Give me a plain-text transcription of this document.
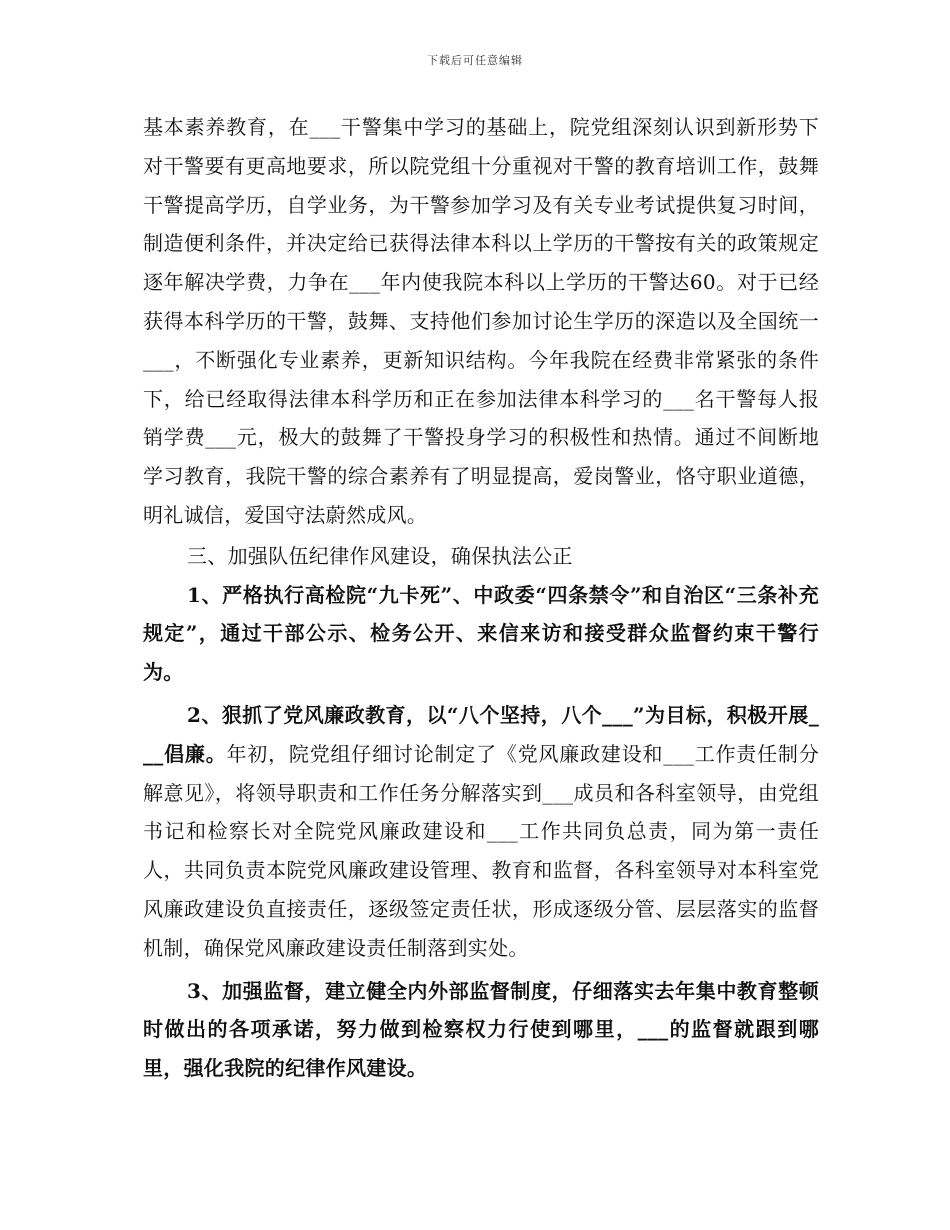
下载后可任意编辑

基本素养教育，在___干警集中学习的基础上，院党组深刻认识到新形势下对干警要有更高地要求，所以院党组十分重视对干警的教育培训工作，鼓舞干警提高学历，自学业务，为干警参加学习及有关专业考试提供复习时间，制造便利条件，并决定给已获得法律本科以上学历的干警按有关的政策规定逐年解决学费，力争在___年内使我院本科以上学历的干警达60。对于已经获得本科学历的干警，鼓舞、支持他们参加讨论生学历的深造以及全国统一___，不断强化专业素养，更新知识结构。今年我院在经费非常紧张的条件下，给已经取得法律本科学历和正在参加法律本科学习的___名干警每人报销学费___元，极大的鼓舞了干警投身学习的积极性和热情。通过不间断地学习教育，我院干警的综合素养有了明显提高，爱岗警业，恪守职业道德，明礼诚信，爱国守法蔚然成风。

三、加强队伍纪律作风建设，确保执法公正

1、严格执行高检院“九卡死”、中政委“四条禁令”和自治区“三条补充规定”，通过干部公示、检务公开、来信来访和接受群众监督约束干警行为。

2、狠抓了党风廉政教育，以“八个坚持，八个___”为目标，积极开展___倡廉。年初，院党组仔细讨论制定了《党风廉政建设和___工作责任制分解意见》，将领导职责和工作任务分解落实到___成员和各科室领导，由党组书记和检察长对全院党风廉政建设和___工作共同负总责，同为第一责任人，共同负责本院党风廉政建设管理、教育和监督，各科室领导对本科室党风廉政建设负直接责任，逐级签定责任状，形成逐级分管、层层落实的监督机制，确保党风廉政建设责任制落到实处。

3、加强监督，建立健全内外部监督制度，仔细落实去年集中教育整顿时做出的各项承诺，努力做到检察权力行使到哪里，___的监督就跟到哪里，强化我院的纪律作风建设。
